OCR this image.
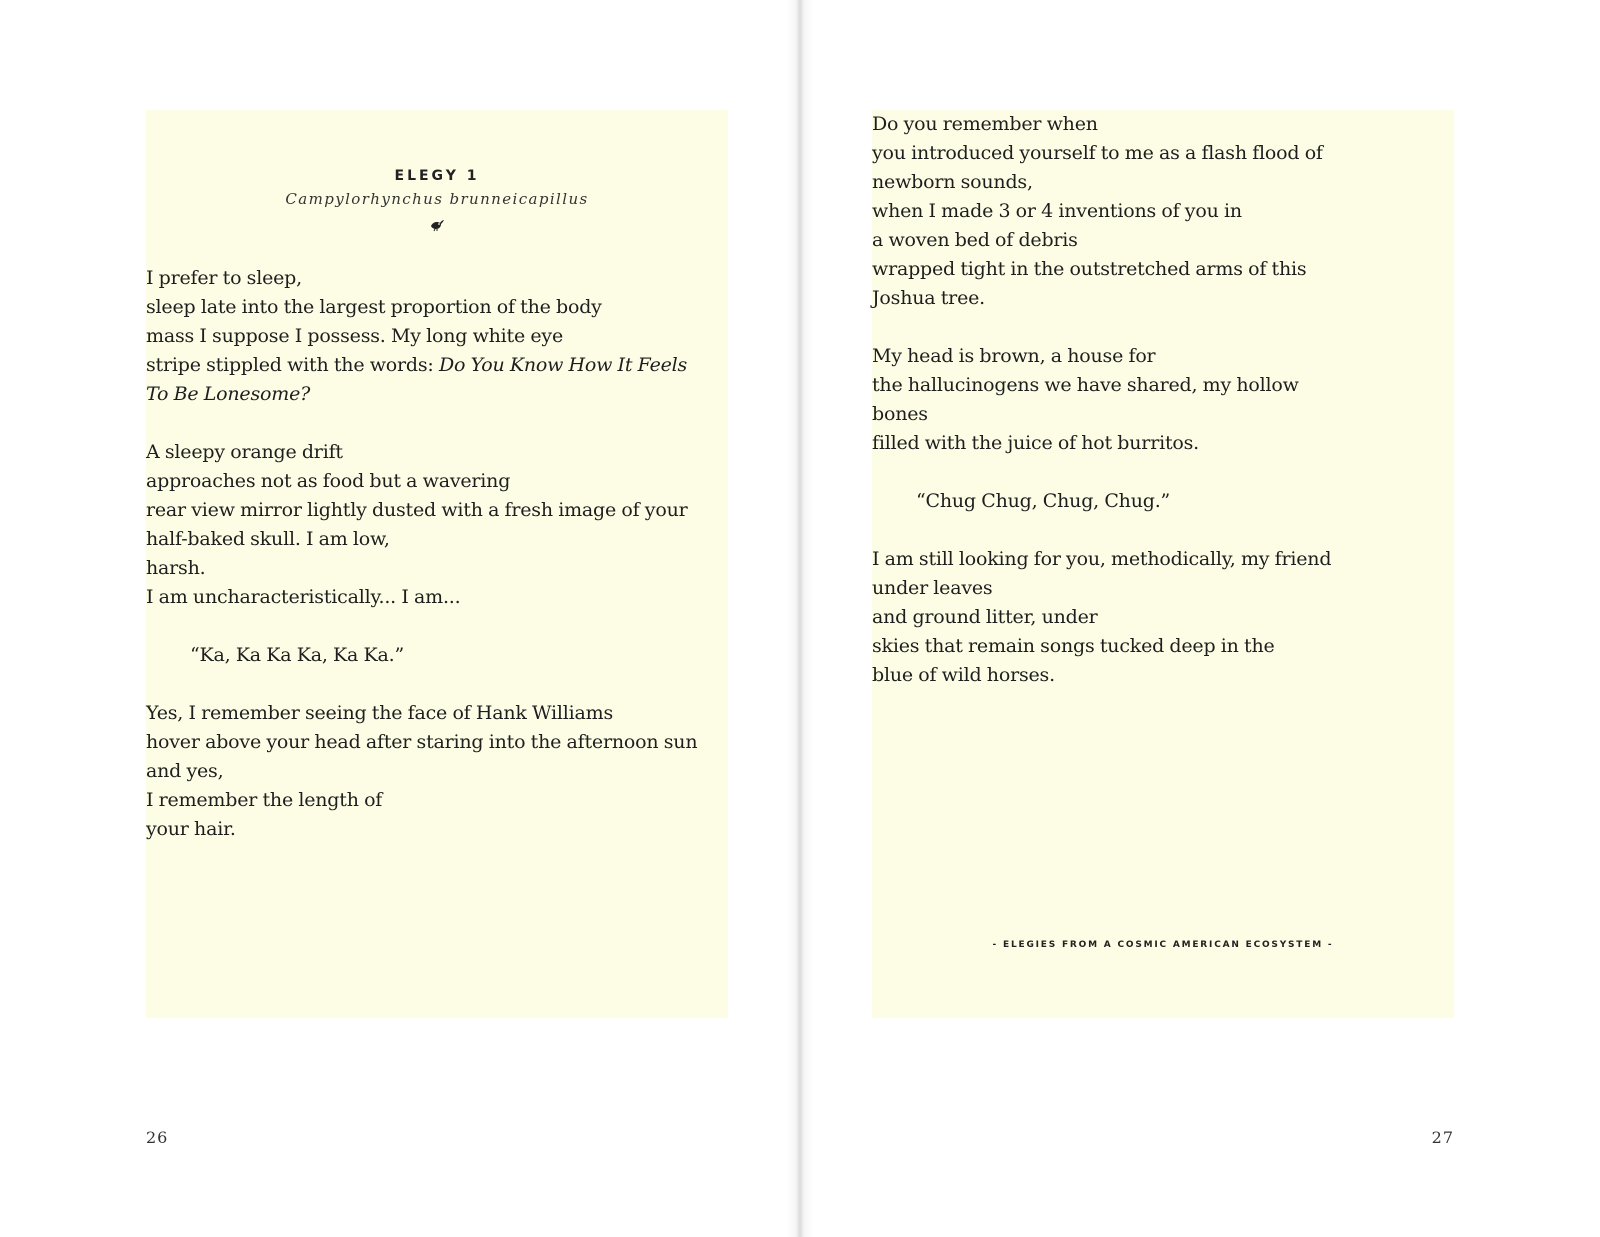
ELEGY 1
Campylorhynchus brunneicapillus
I prefer to sleep,
sleep late into the largest proportion of the body
mass I suppose I possess. My long white eye
stripe stippled with the words: Do You Know How It Feels
To Be Lonesome?
A sleepy orange drift
approaches not as food but a wavering
rear view mirror lightly dusted with a fresh image of your
half-baked skull. I am low,
harsh.
I am uncharacteristically... I am...
“Ka, Ka Ka Ka, Ka Ka.”
Yes, I remember seeing the face of Hank Williams
hover above your head after staring into the afternoon sun
and yes,
I remember the length of
your hair.
26
Do you remember when
you introduced yourself to me as a flash flood of
newborn sounds,
when I made 3 or 4 inventions of you in
a woven bed of debris
wrapped tight in the outstretched arms of this
Joshua tree.
My head is brown, a house for
the hallucinogens we have shared, my hollow
bones
filled with the juice of hot burritos.
“Chug Chug, Chug, Chug.”
I am still looking for you, methodically, my friend
under leaves
and ground litter, under
skies that remain songs tucked deep in the
blue of wild horses.
- ELEGIES FROM A COSMIC AMERICAN ECOSYSTEM -
27
